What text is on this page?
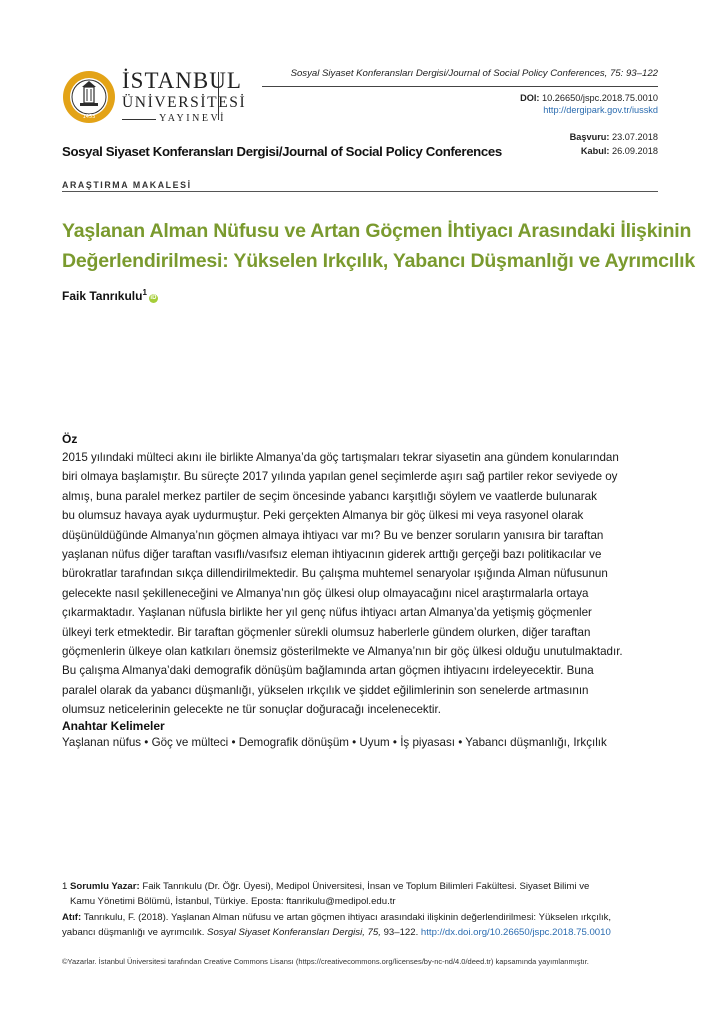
Sosyal Siyaset Konferansları Dergisi/Journal of Social Policy Conferences, 75: 93–122
DOI: 10.26650/jspc.2018.75.0010
http://dergipark.gov.tr/iusskd
Başvuru: 23.07.2018
Kabul: 26.09.2018
1453
İSTANBUL
ÜNİVERSİTESİ
YAYINEVİ
Sosyal Siyaset Konferansları Dergisi/Journal of Social Policy Conferences
ARAŞTIRMA MAKALESİ
Yaşlanan Alman Nüfusu ve Artan Göçmen İhtiyacı Arasındaki İlişkinin
Değerlendirilmesi: Yükselen Irkçılık, Yabancı Düşmanlığı ve Ayrımcılık
Faik Tanrıkulu$^1$iD
Öz
2015 yılındaki mülteci akını ile birlikte Almanya’da göç tartışmaları tekrar siyasetin ana gündem konularından
biri olmaya başlamıştır. Bu süreçte 2017 yılında yapılan genel seçimlerde aşırı sağ partiler rekor seviyede oy
almış, buna paralel merkez partiler de seçim öncesinde yabancı karşıtlığı söylem ve vaatlerde bulunarak
bu olumsuz havaya ayak uydurmuştur. Peki gerçekten Almanya bir göç ülkesi mi veya rasyonel olarak
düşünüldüğünde Almanya’nın göçmen almaya ihtiyacı var mı? Bu ve benzer soruların yanısıra bir taraftan
yaşlanan nüfus diğer taraftan vasıflı/vasıfsız eleman ihtiyacının giderek arttığı gerçeği bazı politikacılar ve
bürokratlar tarafından sıkça dillendirilmektedir. Bu çalışma muhtemel senaryolar ışığında Alman nüfusunun
gelecekte nasıl şekilleneceğini ve Almanya’nın göç ülkesi olup olmayacağını nicel araştırmalarla ortaya
çıkarmaktadır. Yaşlanan nüfusla birlikte her yıl genç nüfus ihtiyacı artan Almanya’da yetişmiş göçmenler
ülkeyi terk etmektedir. Bir taraftan göçmenler sürekli olumsuz haberlerle gündem olurken, diğer taraftan
göçmenlerin ülkeye olan katkıları önemsiz gösterilmekte ve Almanya’nın bir göç ülkesi olduğu unutulmaktadır.
Bu çalışma Almanya’daki demografik dönüşüm bağlamında artan göçmen ihtiyacını irdeleyecektir. Buna
paralel olarak da yabancı düşmanlığı, yükselen ırkçılık ve şiddet eğilimlerinin son senelerde artmasının
olumsuz neticelerinin gelecekte ne tür sonuçlar doğuracağı incelenecektir.
Anahtar Kelimeler
Yaşlanan nüfus • Göç ve mülteci • Demografik dönüşüm • Uyum • İş piyasası • Yabancı düşmanlığı, Irkçılık
1 Sorumlu Yazar: Faik Tanrıkulu (Dr. Öğr. Üyesi), Medipol Üniversitesi, İnsan ve Toplum Bilimleri Fakültesi. Siyaset Bilimi ve
Kamu Yönetimi Bölümü, İstanbul, Türkiye. Eposta: ftanrikulu@medipol.edu.tr
Atıf: Tanrıkulu, F. (2018). Yaşlanan Alman nüfusu ve artan göçmen ihtiyacı arasındaki ilişkinin değerlendirilmesi: Yükselen ırkçılık,
yabancı düşmanlığı ve ayrımcılık. Sosyal Siyaset Konferansları Dergisi, 75, 93–122. http://dx.doi.org/10.26650/jspc.2018.75.0010
©Yazarlar. İstanbul Üniversitesi tarafından Creative Commons Lisansı (https://creativecommons.org/licenses/by-nc-nd/4.0/deed.tr) kapsamında yayımlanmıştır.
